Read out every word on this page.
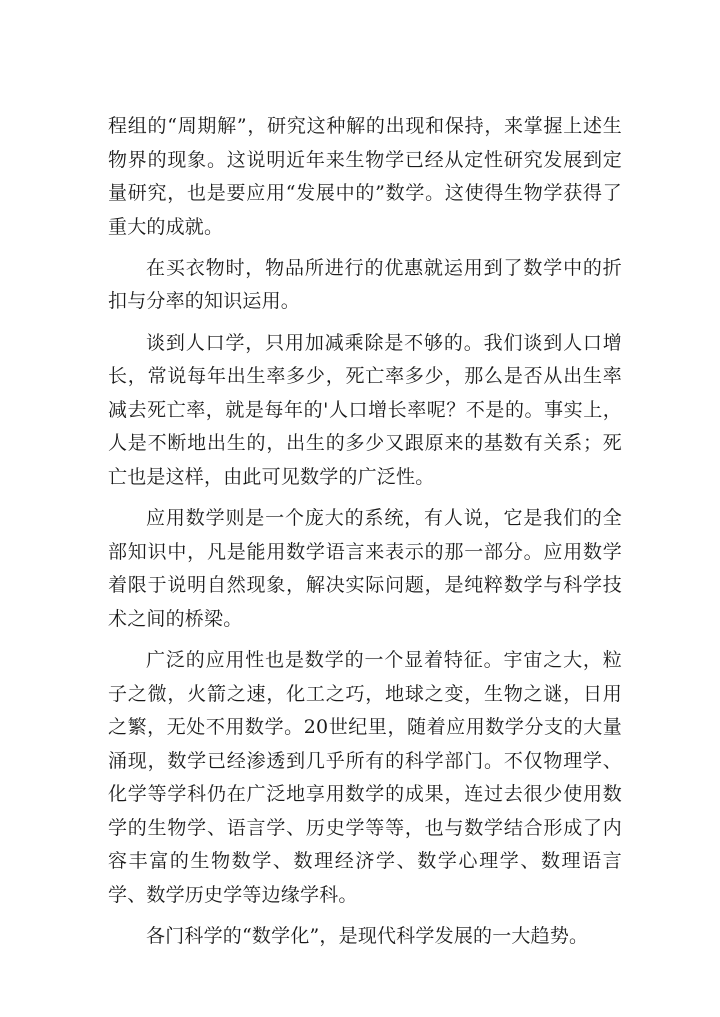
程组的“周期解”，研究这种解的出现和保持，来掌握上述生物界的现象。这说明近年来生物学已经从定性研究发展到定量研究，也是要应用“发展中的”数学。这使得生物学获得了重大的成就。

在买衣物时，物品所进行的优惠就运用到了数学中的折扣与分率的知识运用。

谈到人口学，只用加减乘除是不够的。我们谈到人口增长，常说每年出生率多少，死亡率多少，那么是否从出生率减去死亡率，就是每年的'人口增长率呢？不是的。事实上，人是不断地出生的，出生的多少又跟原来的基数有关系；死亡也是这样，由此可见数学的广泛性。

应用数学则是一个庞大的系统，有人说，它是我们的全部知识中，凡是能用数学语言来表示的那一部分。应用数学着限于说明自然现象，解决实际问题，是纯粹数学与科学技术之间的桥梁。

广泛的应用性也是数学的一个显着特征。宇宙之大，粒子之微，火箭之速，化工之巧，地球之变，生物之谜，日用之繁，无处不用数学。20世纪里，随着应用数学分支的大量涌现，数学已经渗透到几乎所有的科学部门。不仅物理学、化学等学科仍在广泛地享用数学的成果，连过去很少使用数学的生物学、语言学、历史学等等，也与数学结合形成了内容丰富的生物数学、数理经济学、数学心理学、数理语言学、数学历史学等边缘学科。

各门科学的“数学化”，是现代科学发展的一大趋势。
